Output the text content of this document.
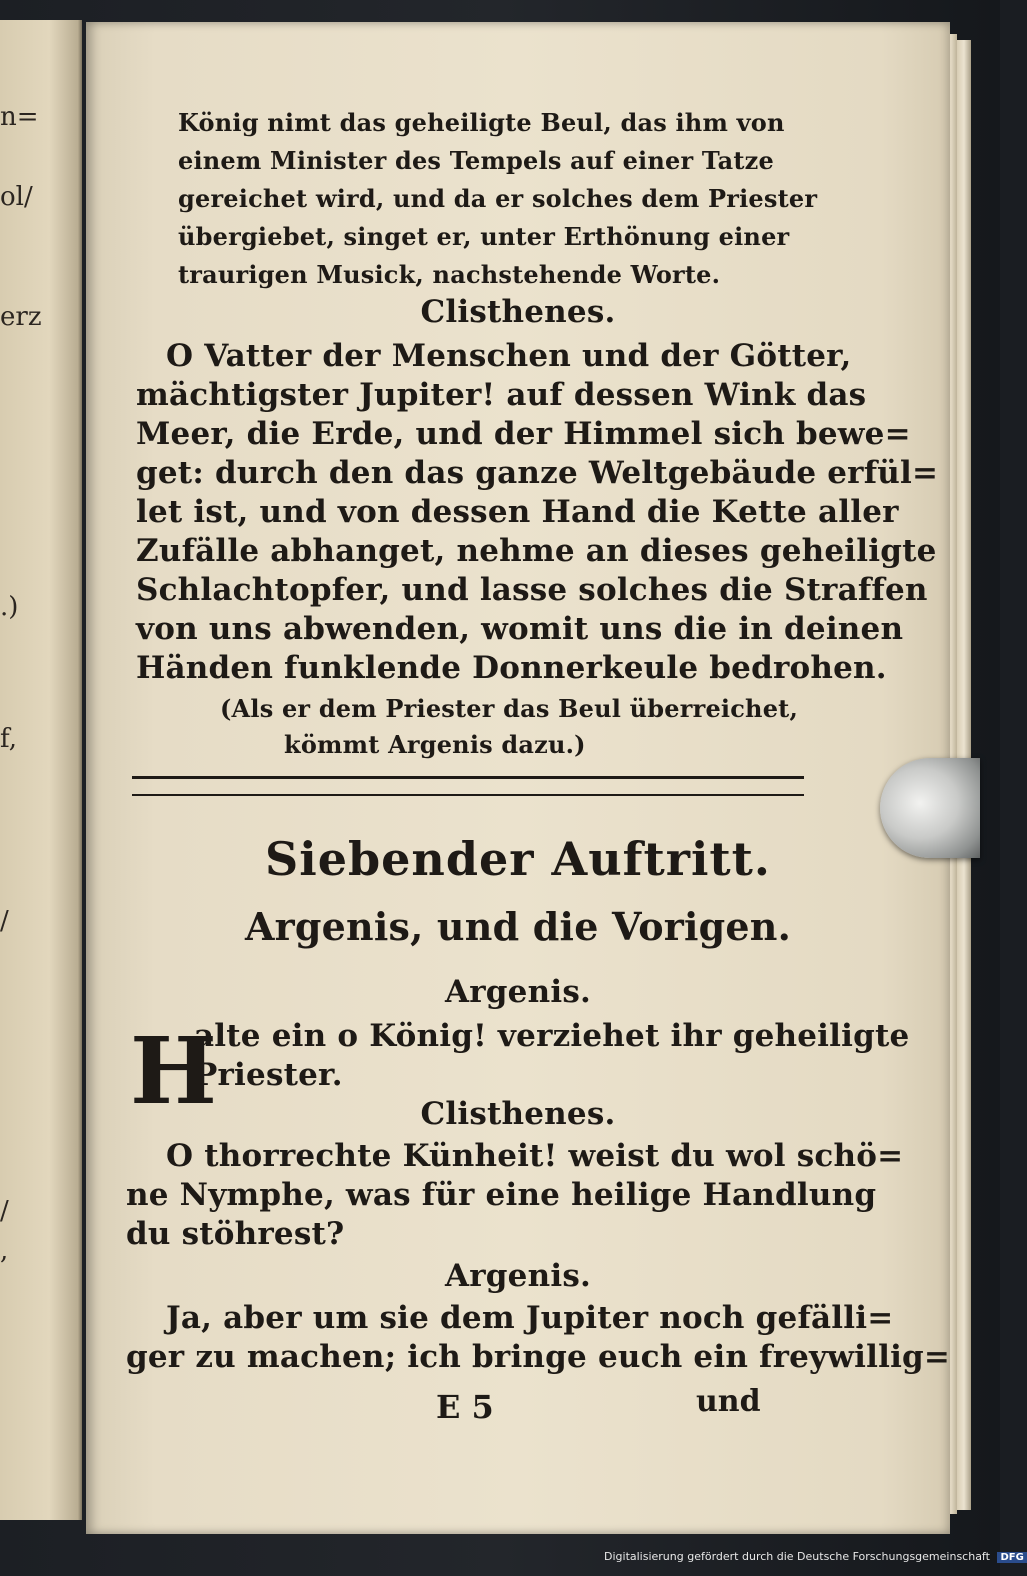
n=
ol/
erz
.)
f,
/
/
,
König nimt das geheiligte Beul, das ihm von
einem Minister des Tempels auf einer Tatze
gereichet wird, und da er solches dem Priester
übergiebet, singet er, unter Erthönung einer
traurigen Musick, nachstehende Worte.
Clisthenes.
O Vatter der Menschen und der Götter,
mächtigster Jupiter! auf dessen Wink das
Meer, die Erde, und der Himmel sich bewe=
get: durch den das ganze Weltgebäude erfül=
let ist, und von dessen Hand die Kette aller
Zufälle abhanget, nehme an dieses geheiligte
Schlachtopfer, und lasse solches die Straffen
von uns abwenden, womit uns die in deinen
Händen funklende Donnerkeule bedrohen.
(Als er dem Priester das Beul überreichet,
kömmt Argenis dazu.)
Siebender Auftritt.
Argenis, und die Vorigen.
Argenis.
H
alte ein o König! verziehet ihr geheiligte
Priester.
Clisthenes.
O thorrechte Künheit! weist du wol schö=
ne Nymphe, was für eine heilige Handlung
du stöhrest?
Argenis.
Ja, aber um sie dem Jupiter noch gefälli=
ger zu machen; ich bringe euch ein freywillig=
E 5	und
Digitalisierung gefördert durch die Deutsche Forschungsgemeinschaft DFG
